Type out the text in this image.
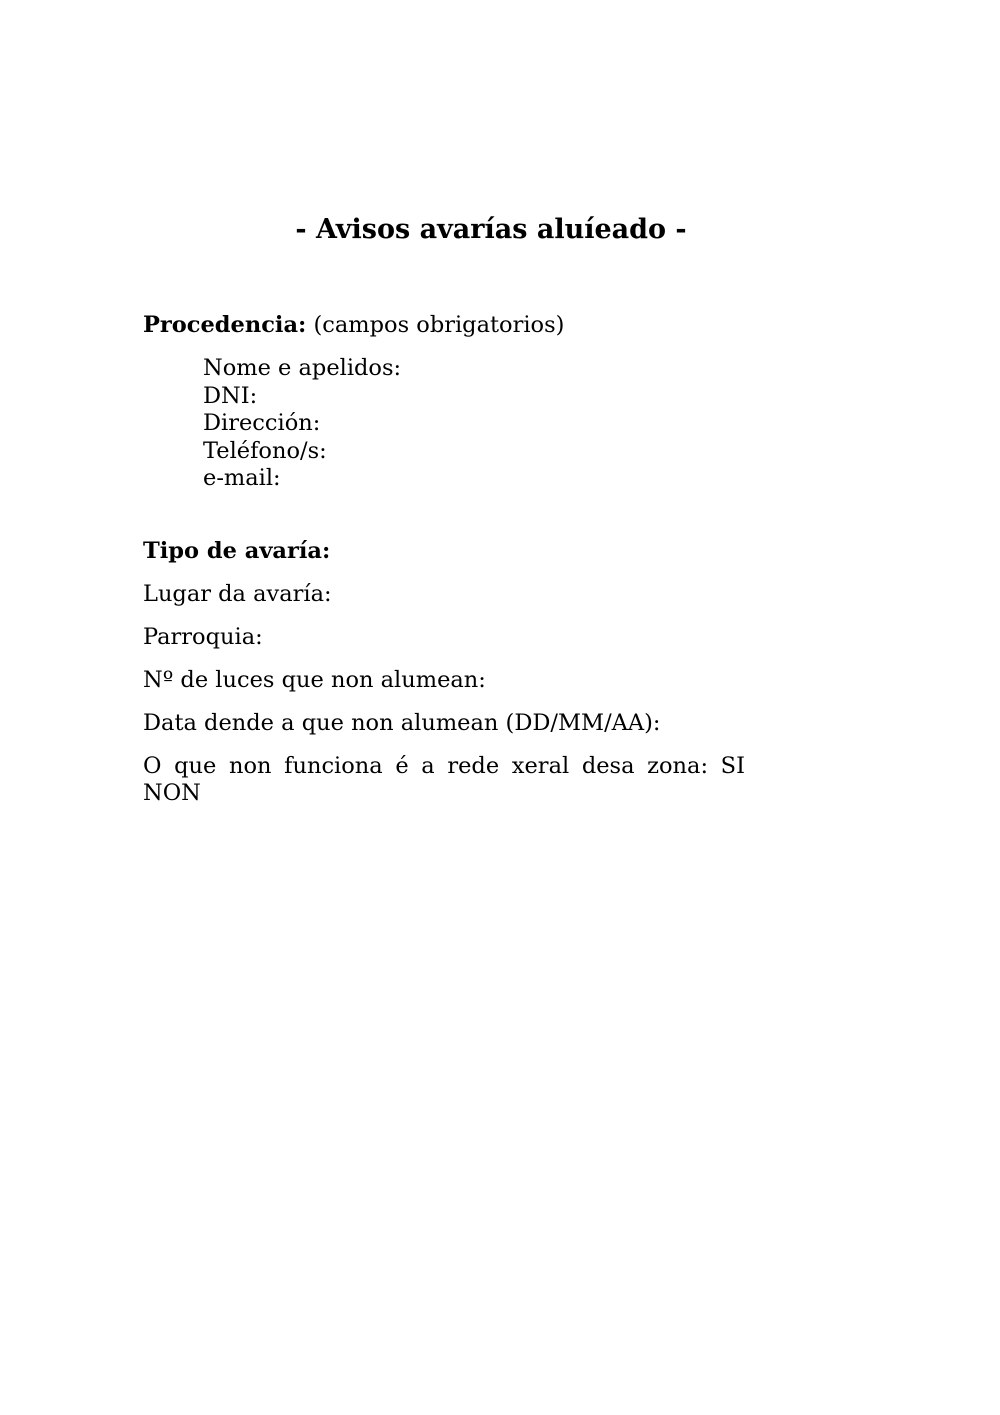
- Avisos avarías aluíeado -

Procedencia: (campos obrigatorios)

Nome e apelidos:
DNI:
Dirección:
Teléfono/s:
e-mail:

Tipo de avaría:

Lugar da avaría:

Parroquia:

Nº de luces que non alumean:

Data dende a que non alumean (DD/MM/AA):

O que non funciona é a rede xeral desa zona: SI NON
